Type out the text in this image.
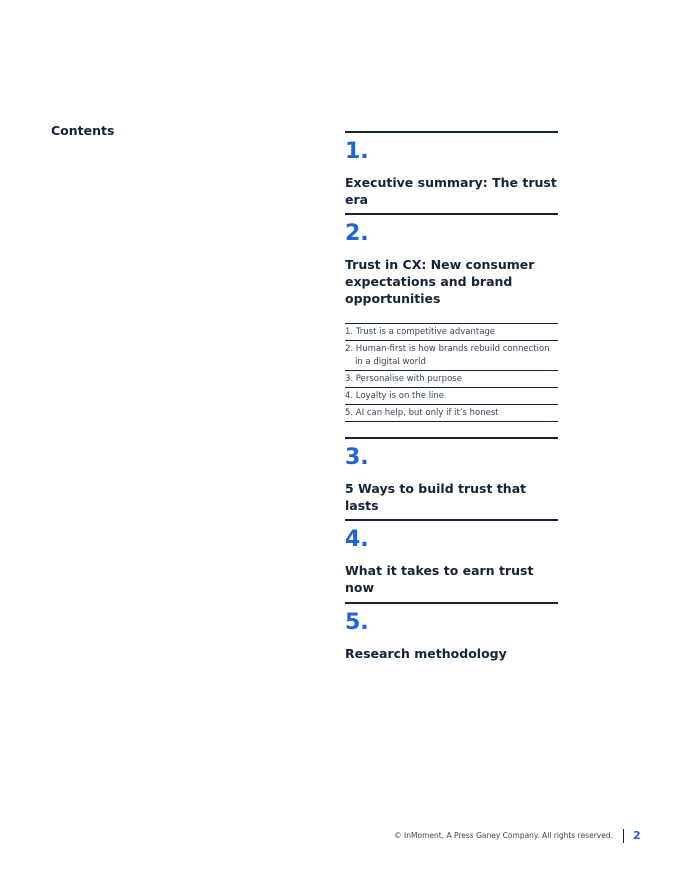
Contents
1.
Executive summary: The trust era
2.
Trust in CX: New consumer expectations and brand opportunities
1. Trust is a competitive advantage
2. Human-first is how brands rebuild connection in a digital world
3. Personalise with purpose
4. Loyalty is on the line
5. AI can help, but only if it’s honest
3.
5 Ways to build trust that lasts
4.
What it takes to earn trust now
5.
Research methodology
© InMoment, A Press Ganey Company. All rights reserved. 2
